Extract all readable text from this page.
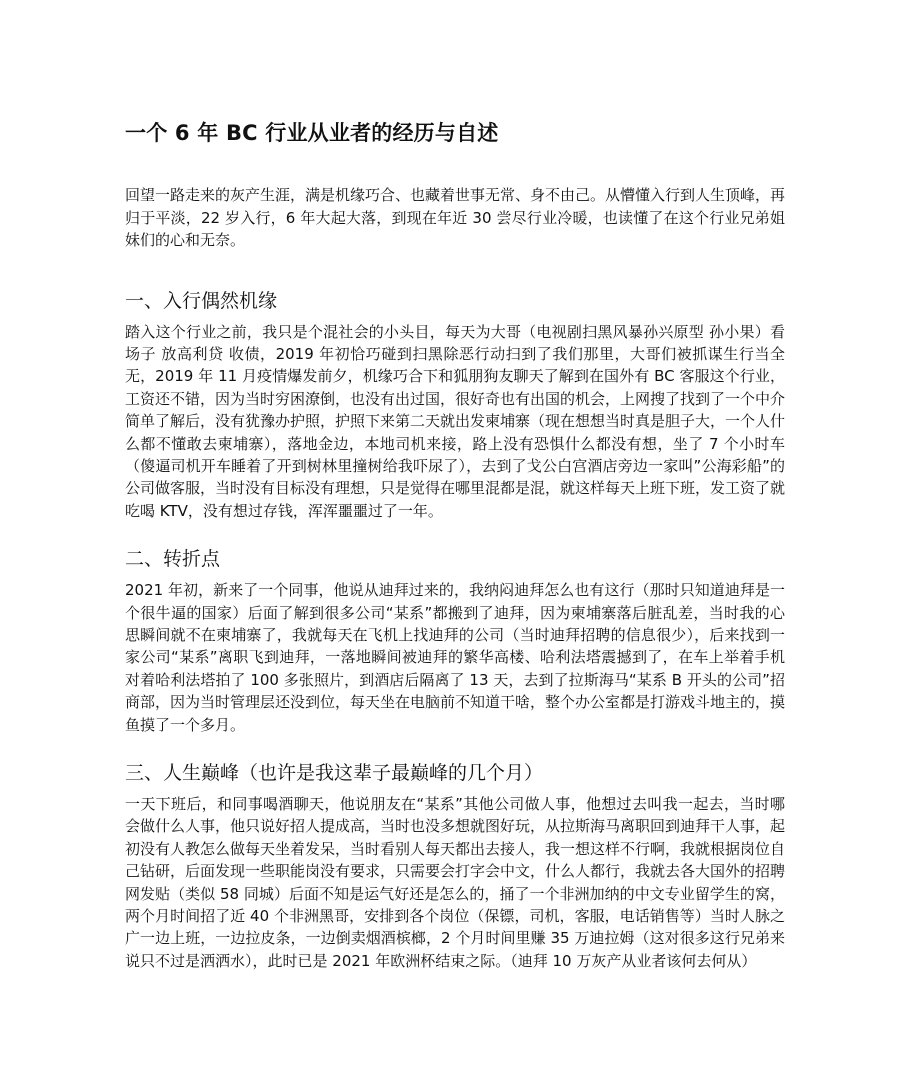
一个 6 年 BC 行业从业者的经历与自述

回望一路走来的灰产生涯，满是机缘巧合、也藏着世事无常、身不由己。从懵懂入行到人生顶峰，再归于平淡，22 岁入行，6 年大起大落，到现在年近 30 尝尽行业冷暖，也读懂了在这个行业兄弟姐妹们的心和无奈。

一、入行偶然机缘

踏入这个行业之前，我只是个混社会的小头目，每天为大哥（电视剧扫黑风暴孙兴原型 孙小果）看场子 放高利贷 收债，2019 年初恰巧碰到扫黑除恶行动扫到了我们那里，大哥们被抓谋生行当全无，2019 年 11 月疫情爆发前夕，机缘巧合下和狐朋狗友聊天了解到在国外有 BC 客服这个行业，工资还不错，因为当时穷困潦倒，也没有出过国，很好奇也有出国的机会，上网搜了找到了一个中介简单了解后，没有犹豫办护照，护照下来第二天就出发柬埔寨（现在想想当时真是胆子大，一个人什么都不懂敢去柬埔寨），落地金边，本地司机来接，路上没有恐惧什么都没有想，坐了 7 个小时车（傻逼司机开车睡着了开到树林里撞树给我吓尿了），去到了戈公白宫酒店旁边一家叫”公海彩船”的公司做客服，当时没有目标没有理想，只是觉得在哪里混都是混，就这样每天上班下班，发工资了就吃喝 KTV，没有想过存钱，浑浑噩噩过了一年。

二、转折点

2021 年初，新来了一个同事，他说从迪拜过来的，我纳闷迪拜怎么也有这行（那时只知道迪拜是一个很牛逼的国家）后面了解到很多公司“某系”都搬到了迪拜，因为柬埔寨落后脏乱差，当时我的心思瞬间就不在柬埔寨了，我就每天在飞机上找迪拜的公司（当时迪拜招聘的信息很少），后来找到一家公司“某系”离职飞到迪拜，一落地瞬间被迪拜的繁华高楼、哈利法塔震撼到了，在车上举着手机对着哈利法塔拍了 100 多张照片，到酒店后隔离了 13 天，去到了拉斯海马“某系 B 开头的公司”招商部，因为当时管理层还没到位，每天坐在电脑前不知道干啥，整个办公室都是打游戏斗地主的，摸鱼摸了一个多月。

三、人生巅峰（也许是我这辈子最巅峰的几个月）

一天下班后，和同事喝酒聊天，他说朋友在“某系”其他公司做人事，他想过去叫我一起去，当时哪会做什么人事，他只说好招人提成高，当时也没多想就图好玩，从拉斯海马离职回到迪拜干人事，起初没有人教怎么做每天坐着发呆，当时看别人每天都出去接人，我一想这样不行啊，我就根据岗位自己钻研，后面发现一些职能岗没有要求，只需要会打字会中文，什么人都行，我就去各大国外的招聘网发贴（类似 58 同城）后面不知是运气好还是怎么的，捅了一个非洲加纳的中文专业留学生的窝，两个月时间招了近 40 个非洲黑哥，安排到各个岗位（保镖，司机，客服，电话销售等）当时人脉之广一边上班，一边拉皮条，一边倒卖烟酒槟榔，2 个月时间里赚 35 万迪拉姆（这对很多这行兄弟来说只不过是洒洒水），此时已是 2021 年欧洲杯结束之际。（迪拜 10 万灰产从业者该何去何从）
